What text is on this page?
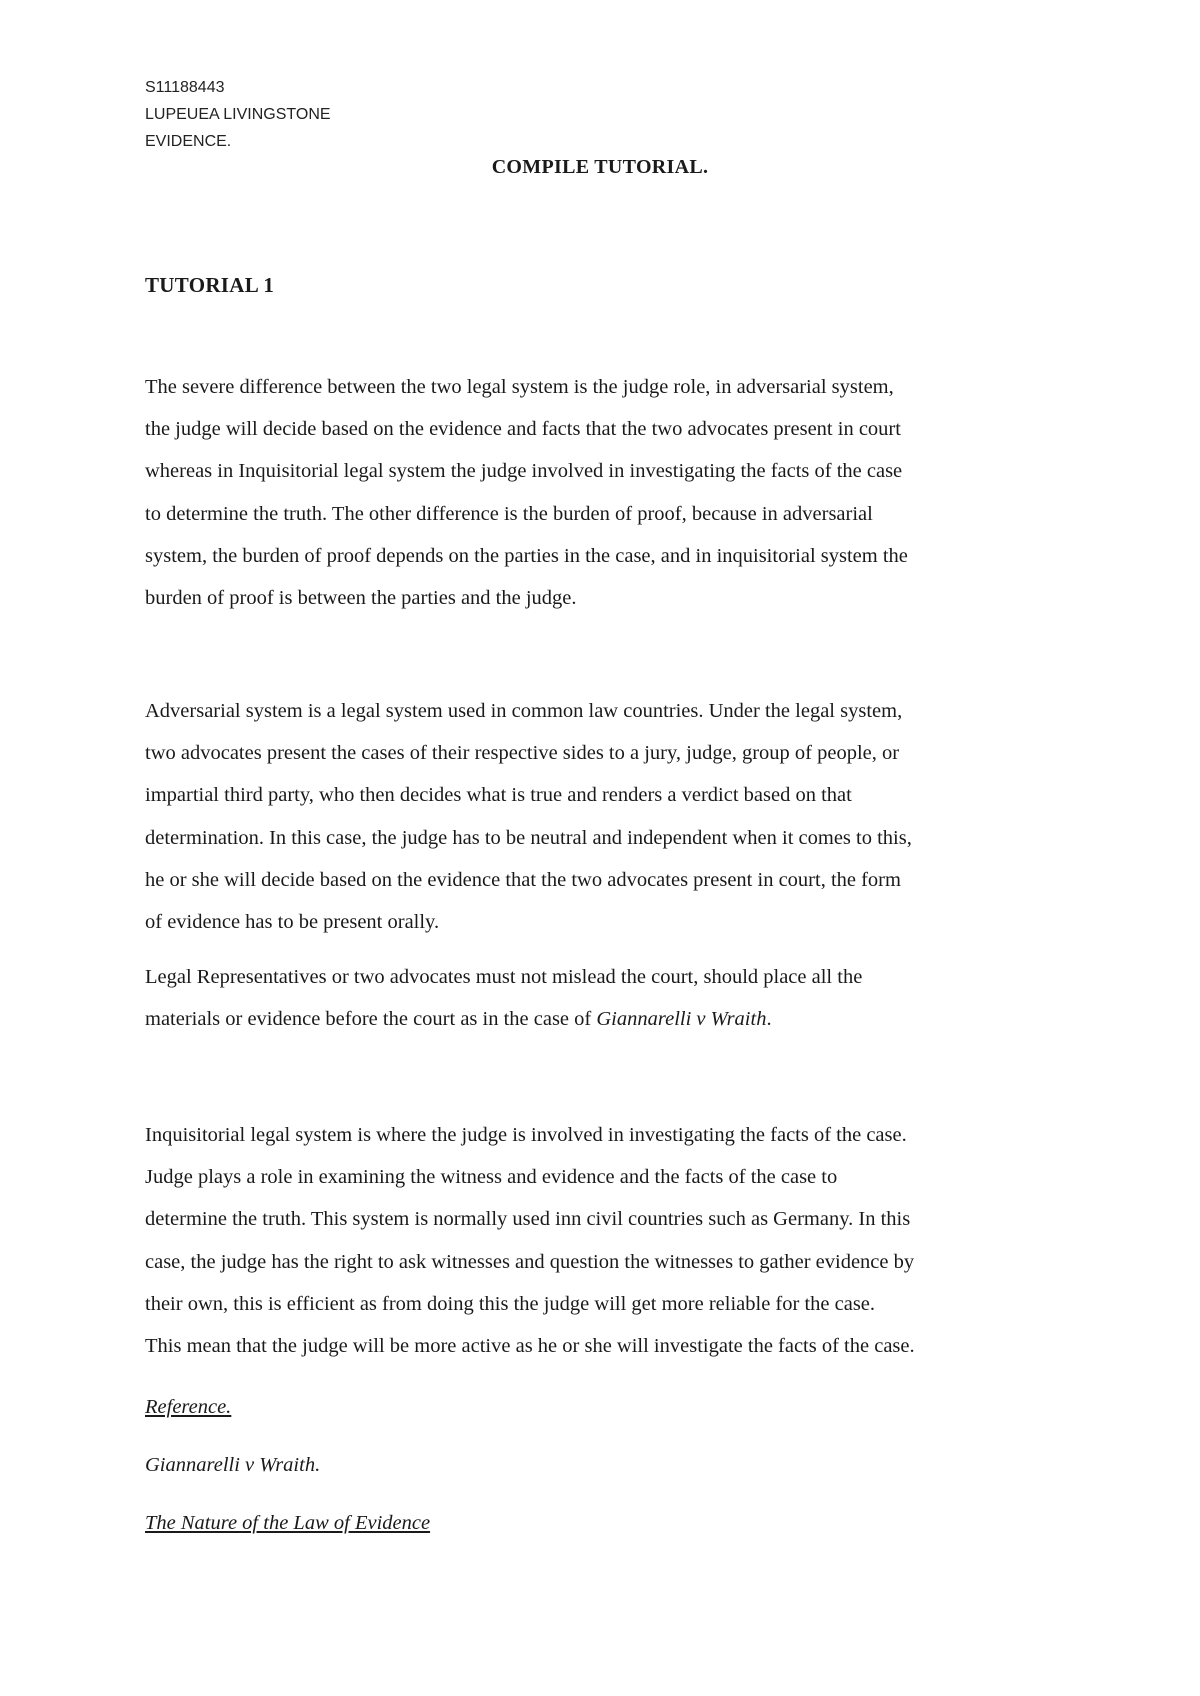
S11188443
LUPEUEA LIVINGSTONE
EVIDENCE.
COMPILE TUTORIAL.
TUTORIAL 1
The severe difference between the two legal system is the judge role, in adversarial system,
the judge will decide based on the evidence and facts that the two advocates present in court
whereas in Inquisitorial legal system the judge involved in investigating the facts of the case
to determine the truth. The other difference is the burden of proof, because in adversarial
system, the burden of proof depends on the parties in the case, and in inquisitorial system the
burden of proof is between the parties and the judge.
Adversarial system is a legal system used in common law countries. Under the legal system,
two advocates present the cases of their respective sides to a jury, judge, group of people, or
impartial third party, who then decides what is true and renders a verdict based on that
determination. In this case, the judge has to be neutral and independent when it comes to this,
he or she will decide based on the evidence that the two advocates present in court, the form
of evidence has to be present orally.
Legal Representatives or two advocates must not mislead the court, should place all the
materials or evidence before the court as in the case of Giannarelli v Wraith.
Inquisitorial legal system is where the judge is involved in investigating the facts of the case.
Judge plays a role in examining the witness and evidence and the facts of the case to
determine the truth. This system is normally used inn civil countries such as Germany. In this
case, the judge has the right to ask witnesses and question the witnesses to gather evidence by
their own, this is efficient as from doing this the judge will get more reliable for the case.
This mean that the judge will be more active as he or she will investigate the facts of the case.
Reference.
Giannarelli v Wraith.
The Nature of the Law of Evidence
